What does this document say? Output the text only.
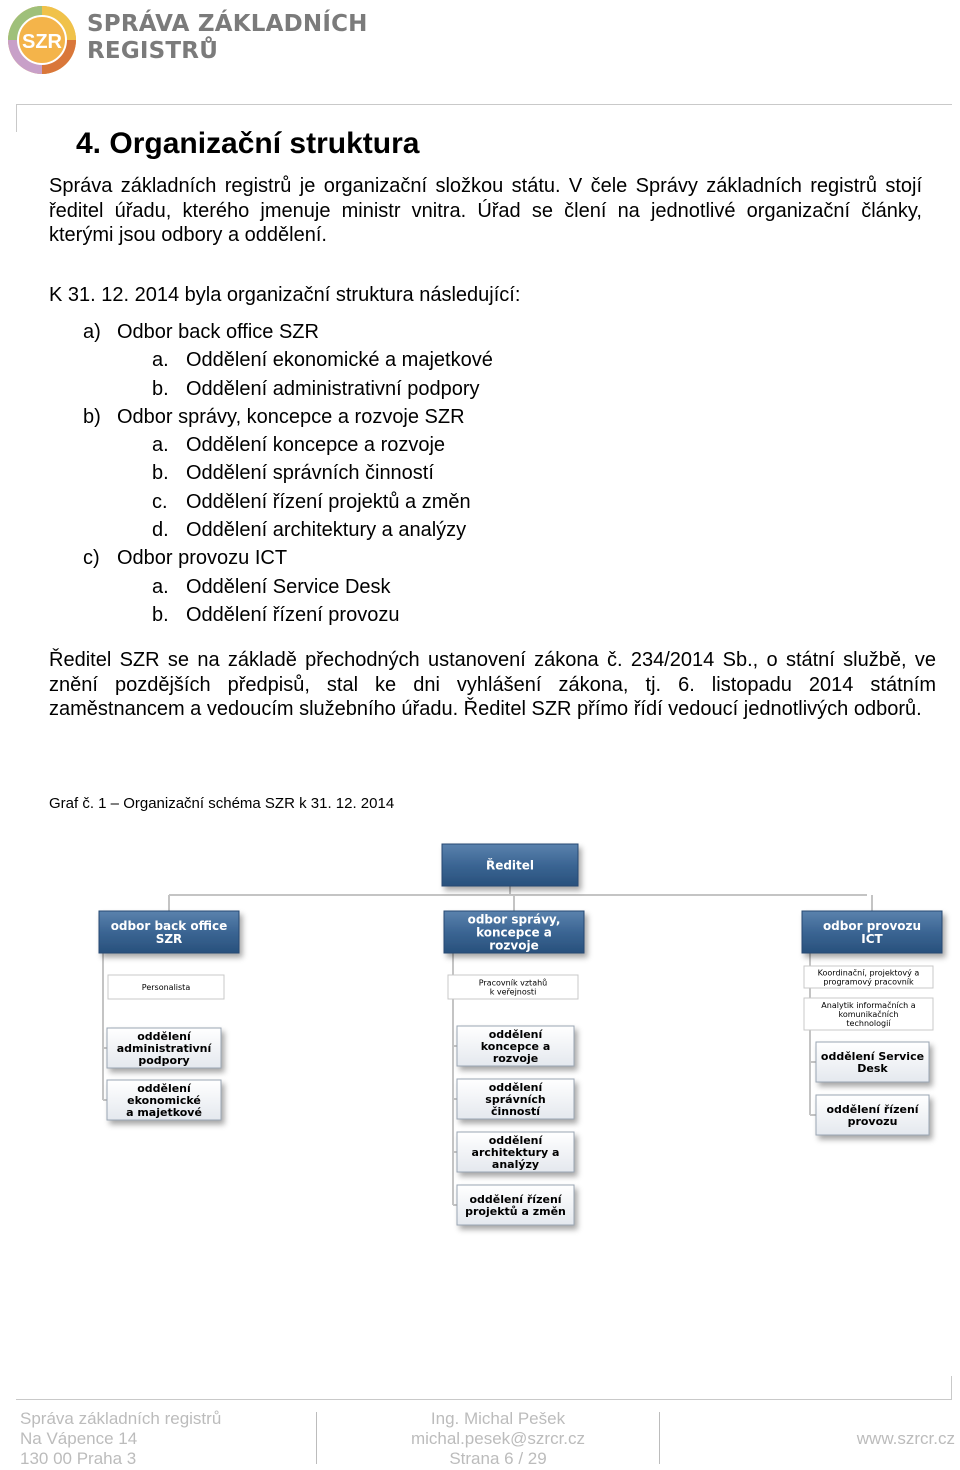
SZR
SPRÁVA ZÁKLADNÍCH
REGISTRŮ
4. Organizační struktura

Správa základních registrů je organizační složkou státu. V čele Správy základních registrů stojí ředitel úřadu, kterého jmenuje ministr vnitra. Úřad se člení na jednotlivé organizační články, kterými jsou odbory a oddělení.

K 31. 12. 2014 byla organizační struktura následující:

a) Odbor back office SZR
a. Oddělení ekonomické a majetkové
b. Oddělení administrativní podpory
b) Odbor správy, koncepce a rozvoje SZR
a. Oddělení koncepce a rozvoje
b. Oddělení správních činností
c. Oddělení řízení projektů a změn
d. Oddělení architektury a analýzy
c) Odbor provozu ICT
a. Oddělení Service Desk
b. Oddělení řízení provozu

Ředitel SZR se na základě přechodných ustanovení zákona č. 234/2014 Sb., o státní službě, ve znění pozdějších předpisů, stal ke dni vyhlášení zákona, tj. 6. listopadu 2014 státním zaměstnancem a vedoucím služebního úřadu. Ředitel SZR přímo řídí vedoucí jednotlivých odborů.

Graf č. 1 – Organizační schéma SZR k 31. 12. 2014
Ředitel
odbor back office
SZR
Personalista
oddělení
administrativní
podpory
oddělení
ekonomické
a majetkové
odbor správy,
koncepce a
rozvoje
Pracovník vztahů
k veřejnosti
oddělení
koncepce a
rozvoje
oddělení
správních
činností
oddělení
architektury a
analýzy
oddělení řízení
projektů a změn
odbor provozu
ICT
Koordinační, projektový a
programový pracovník
Analytik informačních a
komunikačních
technologií
oddělení Service
Desk
oddělení řízení
provozu
Správa základních registrů
Na Vápence 14
130 00 Praha 3
Ing. Michal Pešek
michal.pesek@szrcr.cz
Strana 6 / 29

www.szrcr.cz
